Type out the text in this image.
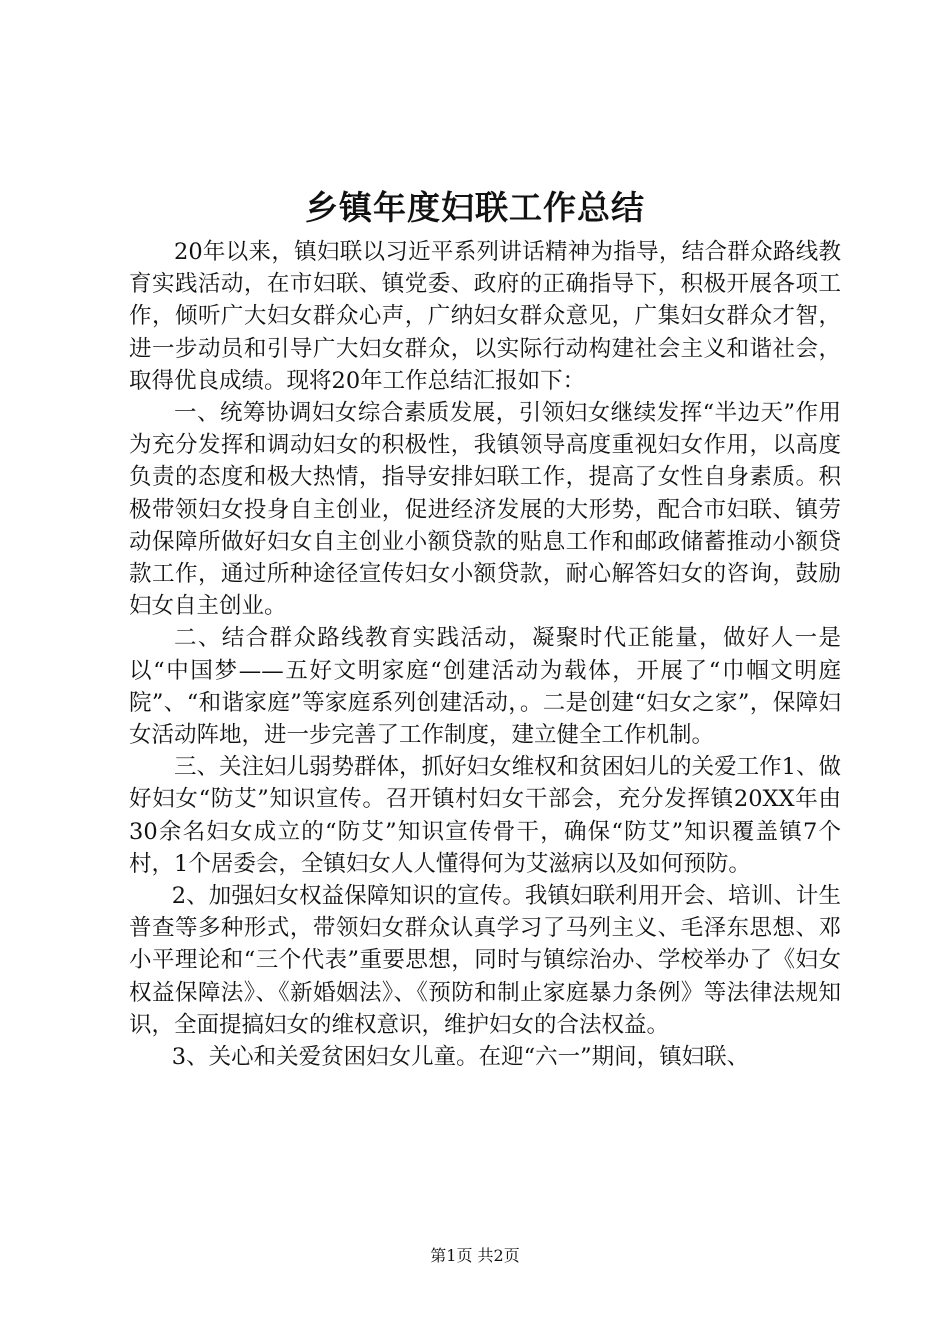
乡镇年度妇联工作总结

20年以来，镇妇联以习近平系列讲话精神为指导，结合群众路线教育实践活动，在市妇联、镇党委、政府的正确指导下，积极开展各项工作，倾听广大妇女群众心声，广纳妇女群众意见，广集妇女群众才智，进一步动员和引导广大妇女群众，以实际行动构建社会主义和谐社会，取得优良成绩。现将20年工作总结汇报如下：

一、统筹协调妇女综合素质发展，引领妇女继续发挥“半边天”作用为充分发挥和调动妇女的积极性，我镇领导高度重视妇女作用，以高度负责的态度和极大热情，指导安排妇联工作，提高了女性自身素质。积极带领妇女投身自主创业，促进经济发展的大形势，配合市妇联、镇劳动保障所做好妇女自主创业小额贷款的贴息工作和邮政储蓄推动小额贷款工作，通过所种途径宣传妇女小额贷款，耐心解答妇女的咨询，鼓励妇女自主创业。

二、结合群众路线教育实践活动，凝聚时代正能量，做好人一是以“中国梦——五好文明家庭“创建活动为载体，开展了“巾帼文明庭院”、“和谐家庭”等家庭系列创建活动，。二是创建“妇女之家”，保障妇女活动阵地，进一步完善了工作制度，建立健全工作机制。

三、关注妇儿弱势群体，抓好妇女维权和贫困妇儿的关爱工作1、做好妇女“防艾”知识宣传。召开镇村妇女干部会，充分发挥镇20XX年由30余名妇女成立的“防艾”知识宣传骨干，确保“防艾”知识覆盖镇7个村，1个居委会，全镇妇女人人懂得何为艾滋病以及如何预防。

2、加强妇女权益保障知识的宣传。我镇妇联利用开会、培训、计生普查等多种形式，带领妇女群众认真学习了马列主义、毛泽东思想、邓小平理论和“三个代表”重要思想，同时与镇综治办、学校举办了《妇女权益保障法》、《新婚姻法》、《预防和制止家庭暴力条例》等法律法规知识，全面提搞妇女的维权意识，维护妇女的合法权益。

3、关心和关爱贫困妇女儿童。在迎“六一”期间，镇妇联、

第1页 共2页
